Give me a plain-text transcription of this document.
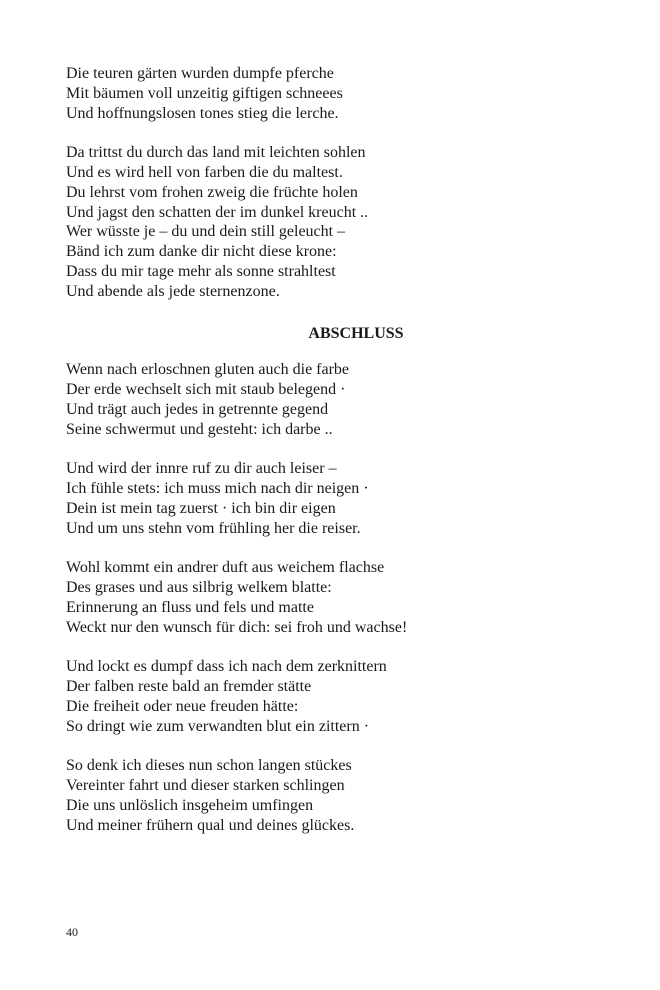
Die teuren gärten wurden dumpfe pferche
Mit bäumen voll unzeitig giftigen schneees
Und hoffnungslosen tones stieg die lerche.
Da trittst du durch das land mit leichten sohlen
Und es wird hell von farben die du maltest.
Du lehrst vom frohen zweig die früchte holen
Und jagst den schatten der im dunkel kreucht ..
Wer wüsste je – du und dein still geleucht –
Bänd ich zum danke dir nicht diese krone:
Dass du mir tage mehr als sonne strahltest
Und abende als jede sternenzone.
ABSCHLUSS
Wenn nach erloschnen gluten auch die farbe
Der erde wechselt sich mit staub belegend ·
Und trägt auch jedes in getrennte gegend
Seine schwermut und gesteht: ich darbe ..
Und wird der innre ruf zu dir auch leiser –
Ich fühle stets: ich muss mich nach dir neigen ·
Dein ist mein tag zuerst · ich bin dir eigen
Und um uns stehn vom frühling her die reiser.
Wohl kommt ein andrer duft aus weichem flachse
Des grases und aus silbrig welkem blatte:
Erinnerung an fluss und fels und matte
Weckt nur den wunsch für dich: sei froh und wachse!
Und lockt es dumpf dass ich nach dem zerknittern
Der falben reste bald an fremder stätte
Die freiheit oder neue freuden hätte:
So dringt wie zum verwandten blut ein zittern ·
So denk ich dieses nun schon langen stückes
Vereinter fahrt und dieser starken schlingen
Die uns unlöslich insgeheim umfingen
Und meiner frühern qual und deines glückes.
40
